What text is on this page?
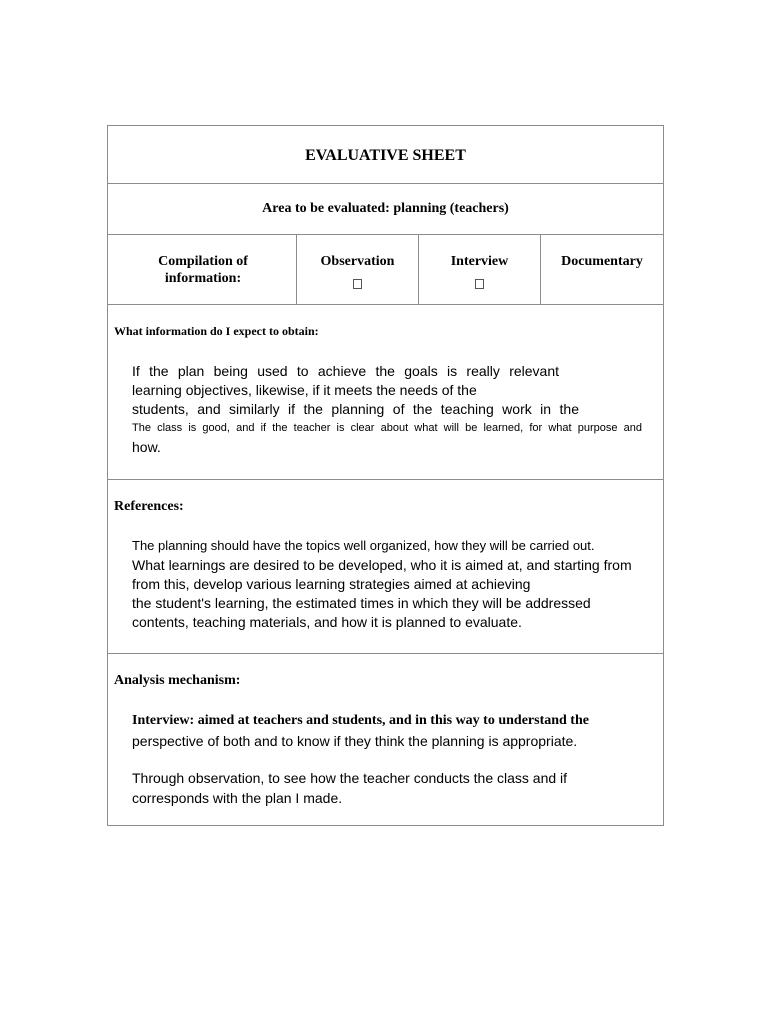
EVALUATIVE SHEET
Area to be evaluated: planning (teachers)
Compilation of
information:
Observation	Interview	Documentary

What information do I expect to obtain:

If the plan being used to achieve the goals is really relevant
learning objectives, likewise, if it meets the needs of the
students, and similarly if the planning of the teaching work in the
The class is good, and if the teacher is clear about what will be learned, for what purpose and
how.

References:

The planning should have the topics well organized, how they will be carried out.
What learnings are desired to be developed, who it is aimed at, and starting from
from this, develop various learning strategies aimed at achieving
the student's learning, the estimated times in which they will be addressed
contents, teaching materials, and how it is planned to evaluate.

Analysis mechanism:

Interview: aimed at teachers and students, and in this way to understand the
perspective of both and to know if they think the planning is appropriate.

Through observation, to see how the teacher conducts the class and if
corresponds with the plan I made.
